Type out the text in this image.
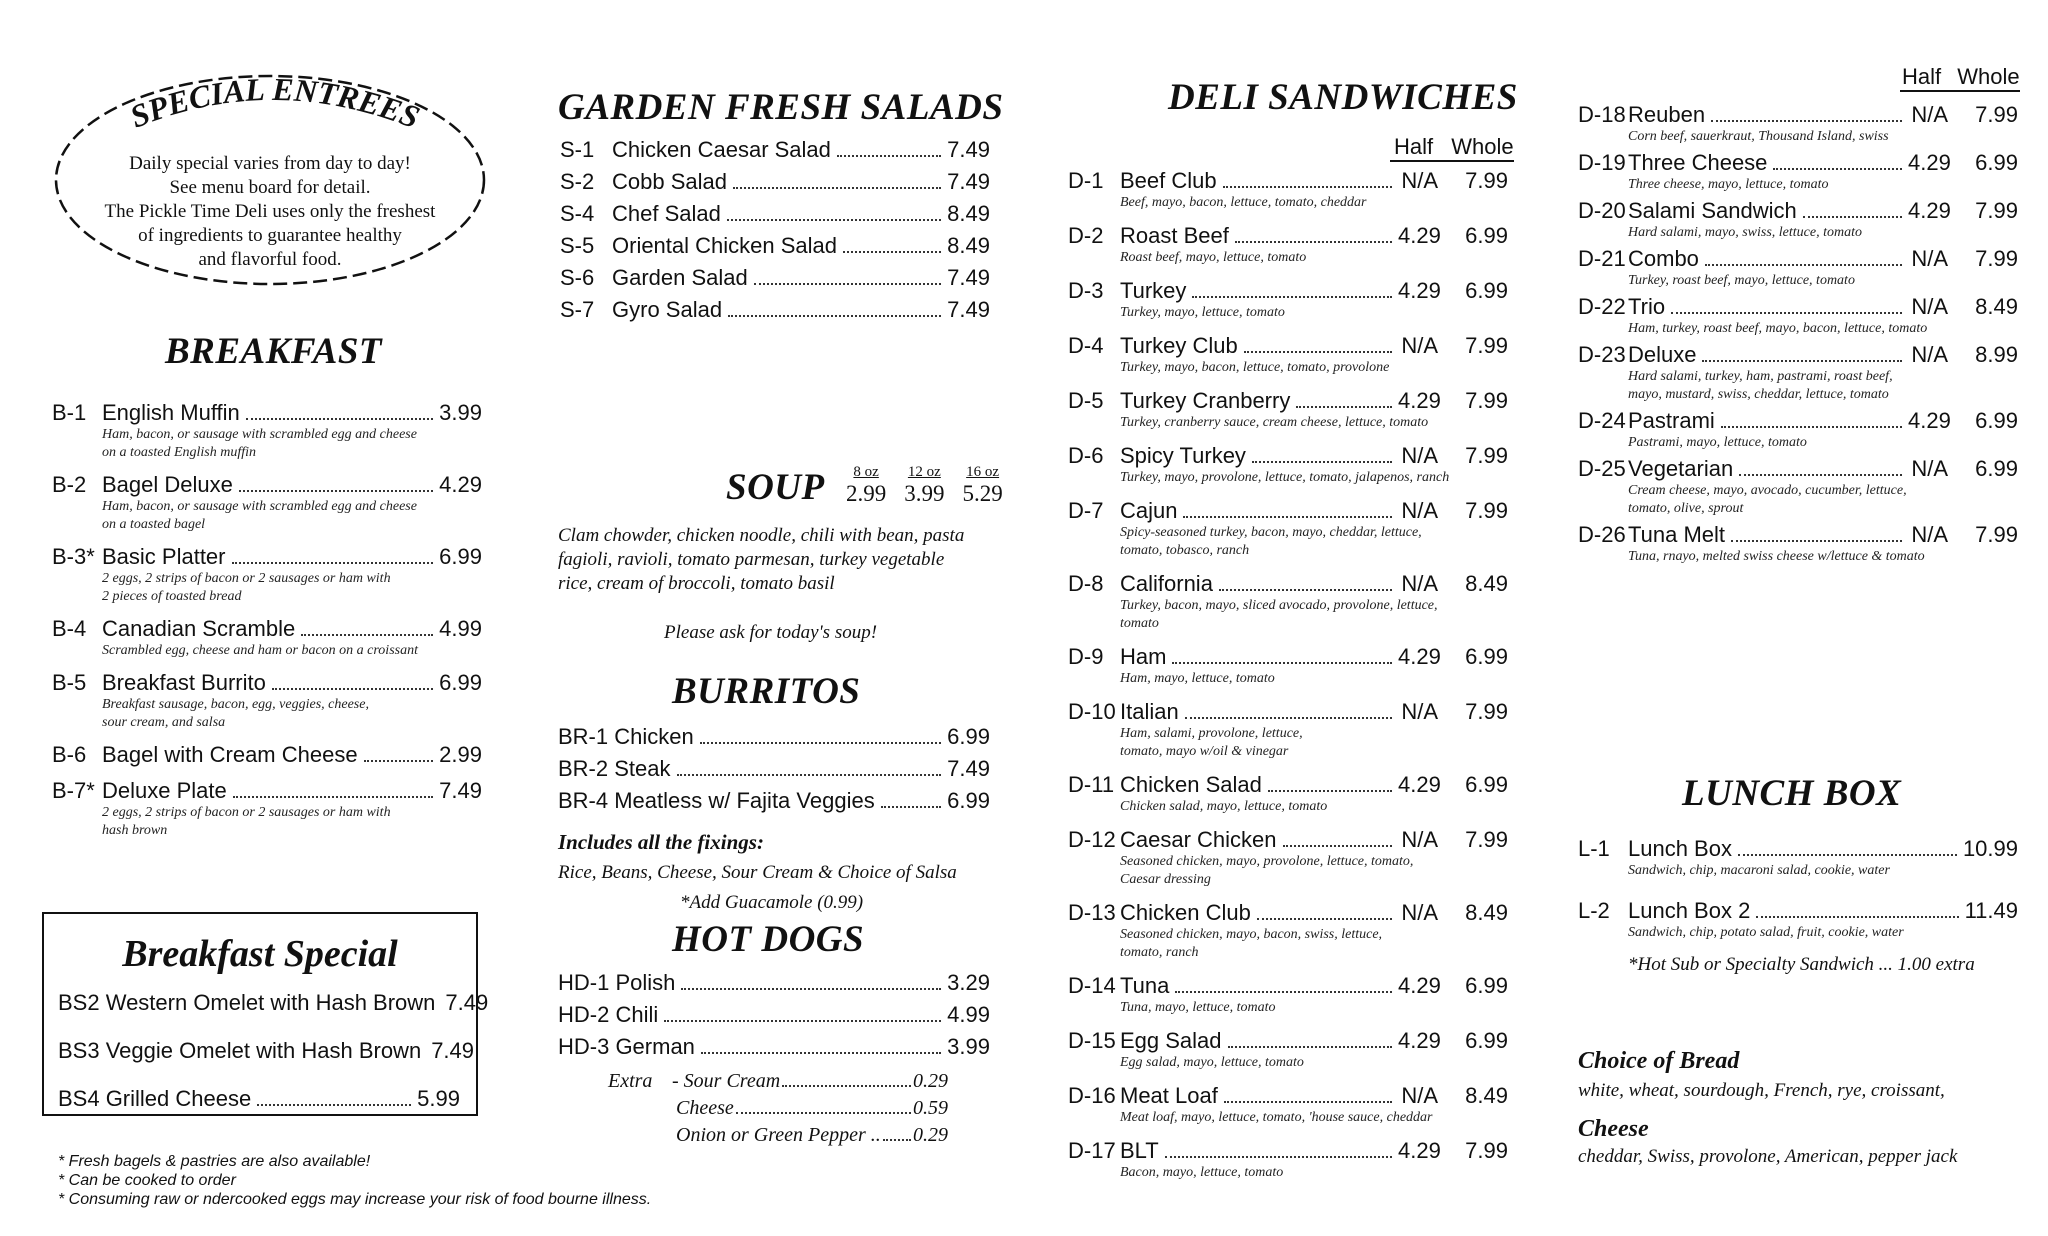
SPECIAL ENTREES
Daily special varies from day to day!
See menu board for detail.
The Pickle Time Deli uses only the freshest
of ingredients to guarantee healthy
and flavorful food.
BREAKFAST
B-1 English Muffin	3.99
Ham, bacon, or sausage with scrambled egg and cheese
on a toasted English muffin
B-2 Bagel Deluxe	4.29
Ham, bacon, or sausage with scrambled egg and cheese
on a toasted bagel
B-3* Basic Platter	6.99
2 eggs, 2 strips of bacon or 2 sausages or ham with
2 pieces of toasted bread
B-4 Canadian Scramble	4.99
Scrambled egg, cheese and ham or bacon on a croissant
B-5 Breakfast Burrito	6.99
Breakfast sausage, bacon, egg, veggies, cheese,
sour cream, and salsa
B-6 Bagel with Cream Cheese	2.99
B-7* Deluxe Plate	7.49
2 eggs, 2 strips of bacon or 2 sausages or ham with
hash brown
Breakfast Special
BS2 Western Omelet with Hash Brown 7.49
BS3 Veggie Omelet with Hash Brown 7.49
BS4 Grilled Cheese	5.99
* Fresh bagels & pastries are also available!
* Can be cooked to order
* Consuming raw or ndercooked eggs may increase your risk of food bourne illness.
GARDEN FRESH SALADS
S-1 Chicken Caesar Salad	7.49
S-2 Cobb Salad	7.49
S-4 Chef Salad	8.49
S-5 Oriental Chicken Salad	8.49
S-6 Garden Salad	7.49
S-7 Gyro Salad	7.49
SOUP	8 oz
2.99
12 oz
3.99
16 oz
5.29
Clam chowder, chicken noodle, chili with bean, pasta
fagioli, ravioli, tomato parmesan, turkey vegetable
rice, cream of broccoli, tomato basil
Please ask for today's soup!
BURRITOS
BR-1 Chicken	6.99
BR-2 Steak	7.49
BR-4 Meatless w/ Fajita Veggies	6.99
Includes all the fixings:
Rice, Beans, Cheese, Sour Cream & Choice of Salsa
*Add Guacamole (0.99)
HOT DOGS
HD-1 Polish	3.29
HD-2 Chili	4.99
HD-3 German	3.99
Extra - Sour Cream	0.29
Cheese	0.59
Onion or Green Pepper .. 0.29
DELI SANDWICHES
Half Whole
D-1 Beef Club	N/A	7.99
Beef, mayo, bacon, lettuce, tomato, cheddar
D-2 Roast Beef	4.29	6.99
Roast beef, mayo, lettuce, tomato
D-3 Turkey	4.29	6.99
Turkey, mayo, lettuce, tomato
D-4 Turkey Club	N/A	7.99
Turkey, mayo, bacon, lettuce, tomato, provolone
D-5 Turkey Cranberry	4.29	7.99
Turkey, cranberry sauce, cream cheese, lettuce, tomato
D-6 Spicy Turkey	N/A	7.99
Turkey, mayo, provolone, lettuce, tomato, jalapenos, ranch
D-7 Cajun	N/A	7.99
Spicy-seasoned turkey, bacon, mayo, cheddar, lettuce,
tomato, tobasco, ranch
D-8 California	N/A	8.49
Turkey, bacon, mayo, sliced avocado, provolone, lettuce,
tomato
D-9 Ham	4.29	6.99
Ham, mayo, lettuce, tomato
D-10 Italian	N/A	7.99
Ham, salami, provolone, lettuce,
tomato, mayo w/oil & vinegar
D-11 Chicken Salad	4.29	6.99
Chicken salad, mayo, lettuce, tomato
D-12 Caesar Chicken	N/A	7.99
Seasoned chicken, mayo, provolone, lettuce, tomato,
Caesar dressing
D-13 Chicken Club	N/A	8.49
Seasoned chicken, mayo, bacon, swiss, lettuce,
tomato, ranch
D-14 Tuna	4.29	6.99
Tuna, mayo, lettuce, tomato
D-15 Egg Salad	4.29	6.99
Egg salad, mayo, lettuce, tomato
D-16 Meat Loaf	N/A	8.49
Meat loaf, mayo, lettuce, tomato, 'house sauce, cheddar
D-17 BLT	4.29	7.99
Bacon, mayo, lettuce, tomato
Half Whole
D-18 Reuben	N/A	7.99
Corn beef, sauerkraut, Thousand Island, swiss
D-19 Three Cheese	4.29	6.99
Three cheese, mayo, lettuce, tomato
D-20 Salami Sandwich	4.29	7.99
Hard salami, mayo, swiss, lettuce, tomato
D-21 Combo	N/A	7.99
Turkey, roast beef, mayo, lettuce, tomato
D-22 Trio	N/A	8.49
Ham, turkey, roast beef, mayo, bacon, lettuce, tomato
D-23 Deluxe	N/A	8.99
Hard salami, turkey, ham, pastrami, roast beef,
mayo, mustard, swiss, cheddar, lettuce, tomato
D-24 Pastrami	4.29	6.99
Pastrami, mayo, lettuce, tomato
D-25 Vegetarian	N/A	6.99
Cream cheese, mayo, avocado, cucumber, lettuce,
tomato, olive, sprout
D-26 Tuna Melt	N/A	7.99
Tuna, rnayo, melted swiss cheese w/lettuce & tomato
LUNCH BOX
L-1 Lunch Box	10.99
Sandwich, chip, macaroni salad, cookie, water
L-2 Lunch Box 2	11.49
Sandwich, chip, potato salad, fruit, cookie, water
*Hot Sub or Specialty Sandwich ... 1.00 extra
Choice of Bread
white, wheat, sourdough, French, rye, croissant,
Cheese
cheddar, Swiss, provolone, American, pepper jack
